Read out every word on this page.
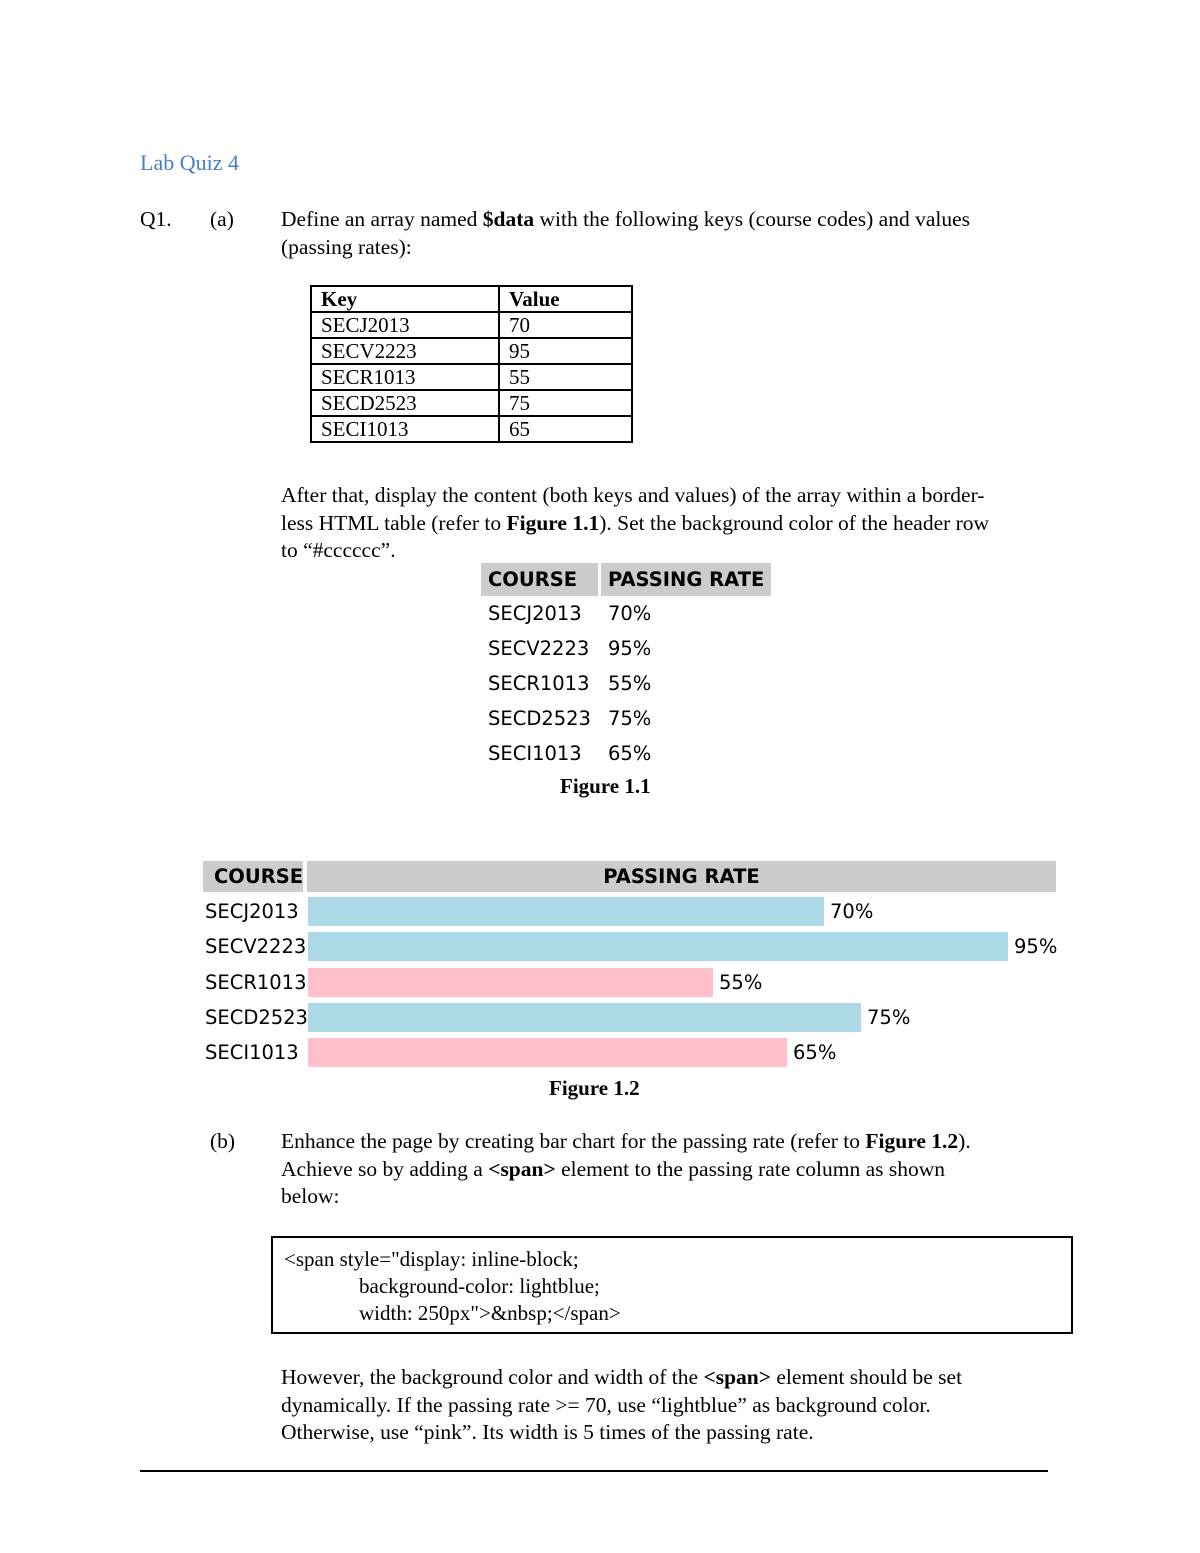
Lab Quiz 4
Q1. (a) Define an array named $data with the following keys (course codes) and values
(passing rates):
Key	Value
SECJ2013	70
SECV2223	95
SECR1013	55
SECD2523	75
SECI1013	65
After that, display the content (both keys and values) of the array within a border-
less HTML table (refer to Figure 1.1). Set the background color of the header row
to “#cccccc”.
COURSE	PASSING RATE
SECJ2013	70%
SECV2223	95%
SECR1013	55%
SECD2523	75%
SECI1013	65%
Figure 1.1
COURSE	PASSING RATE
SECJ2013	70%
SECV2223	95%
SECR1013	55%
SECD2523	75%
SECI1013	65%
Figure 1.2
(b) Enhance the page by creating bar chart for the passing rate (refer to Figure 1.2).
Achieve so by adding a <span> element to the passing rate column as shown
below:
<span style="display: inline-block;
background-color: lightblue;
width: 250px">&nbsp;</span>
However, the background color and width of the <span> element should be set
dynamically. If the passing rate >= 70, use “lightblue” as background color.
Otherwise, use “pink”. Its width is 5 times of the passing rate.
